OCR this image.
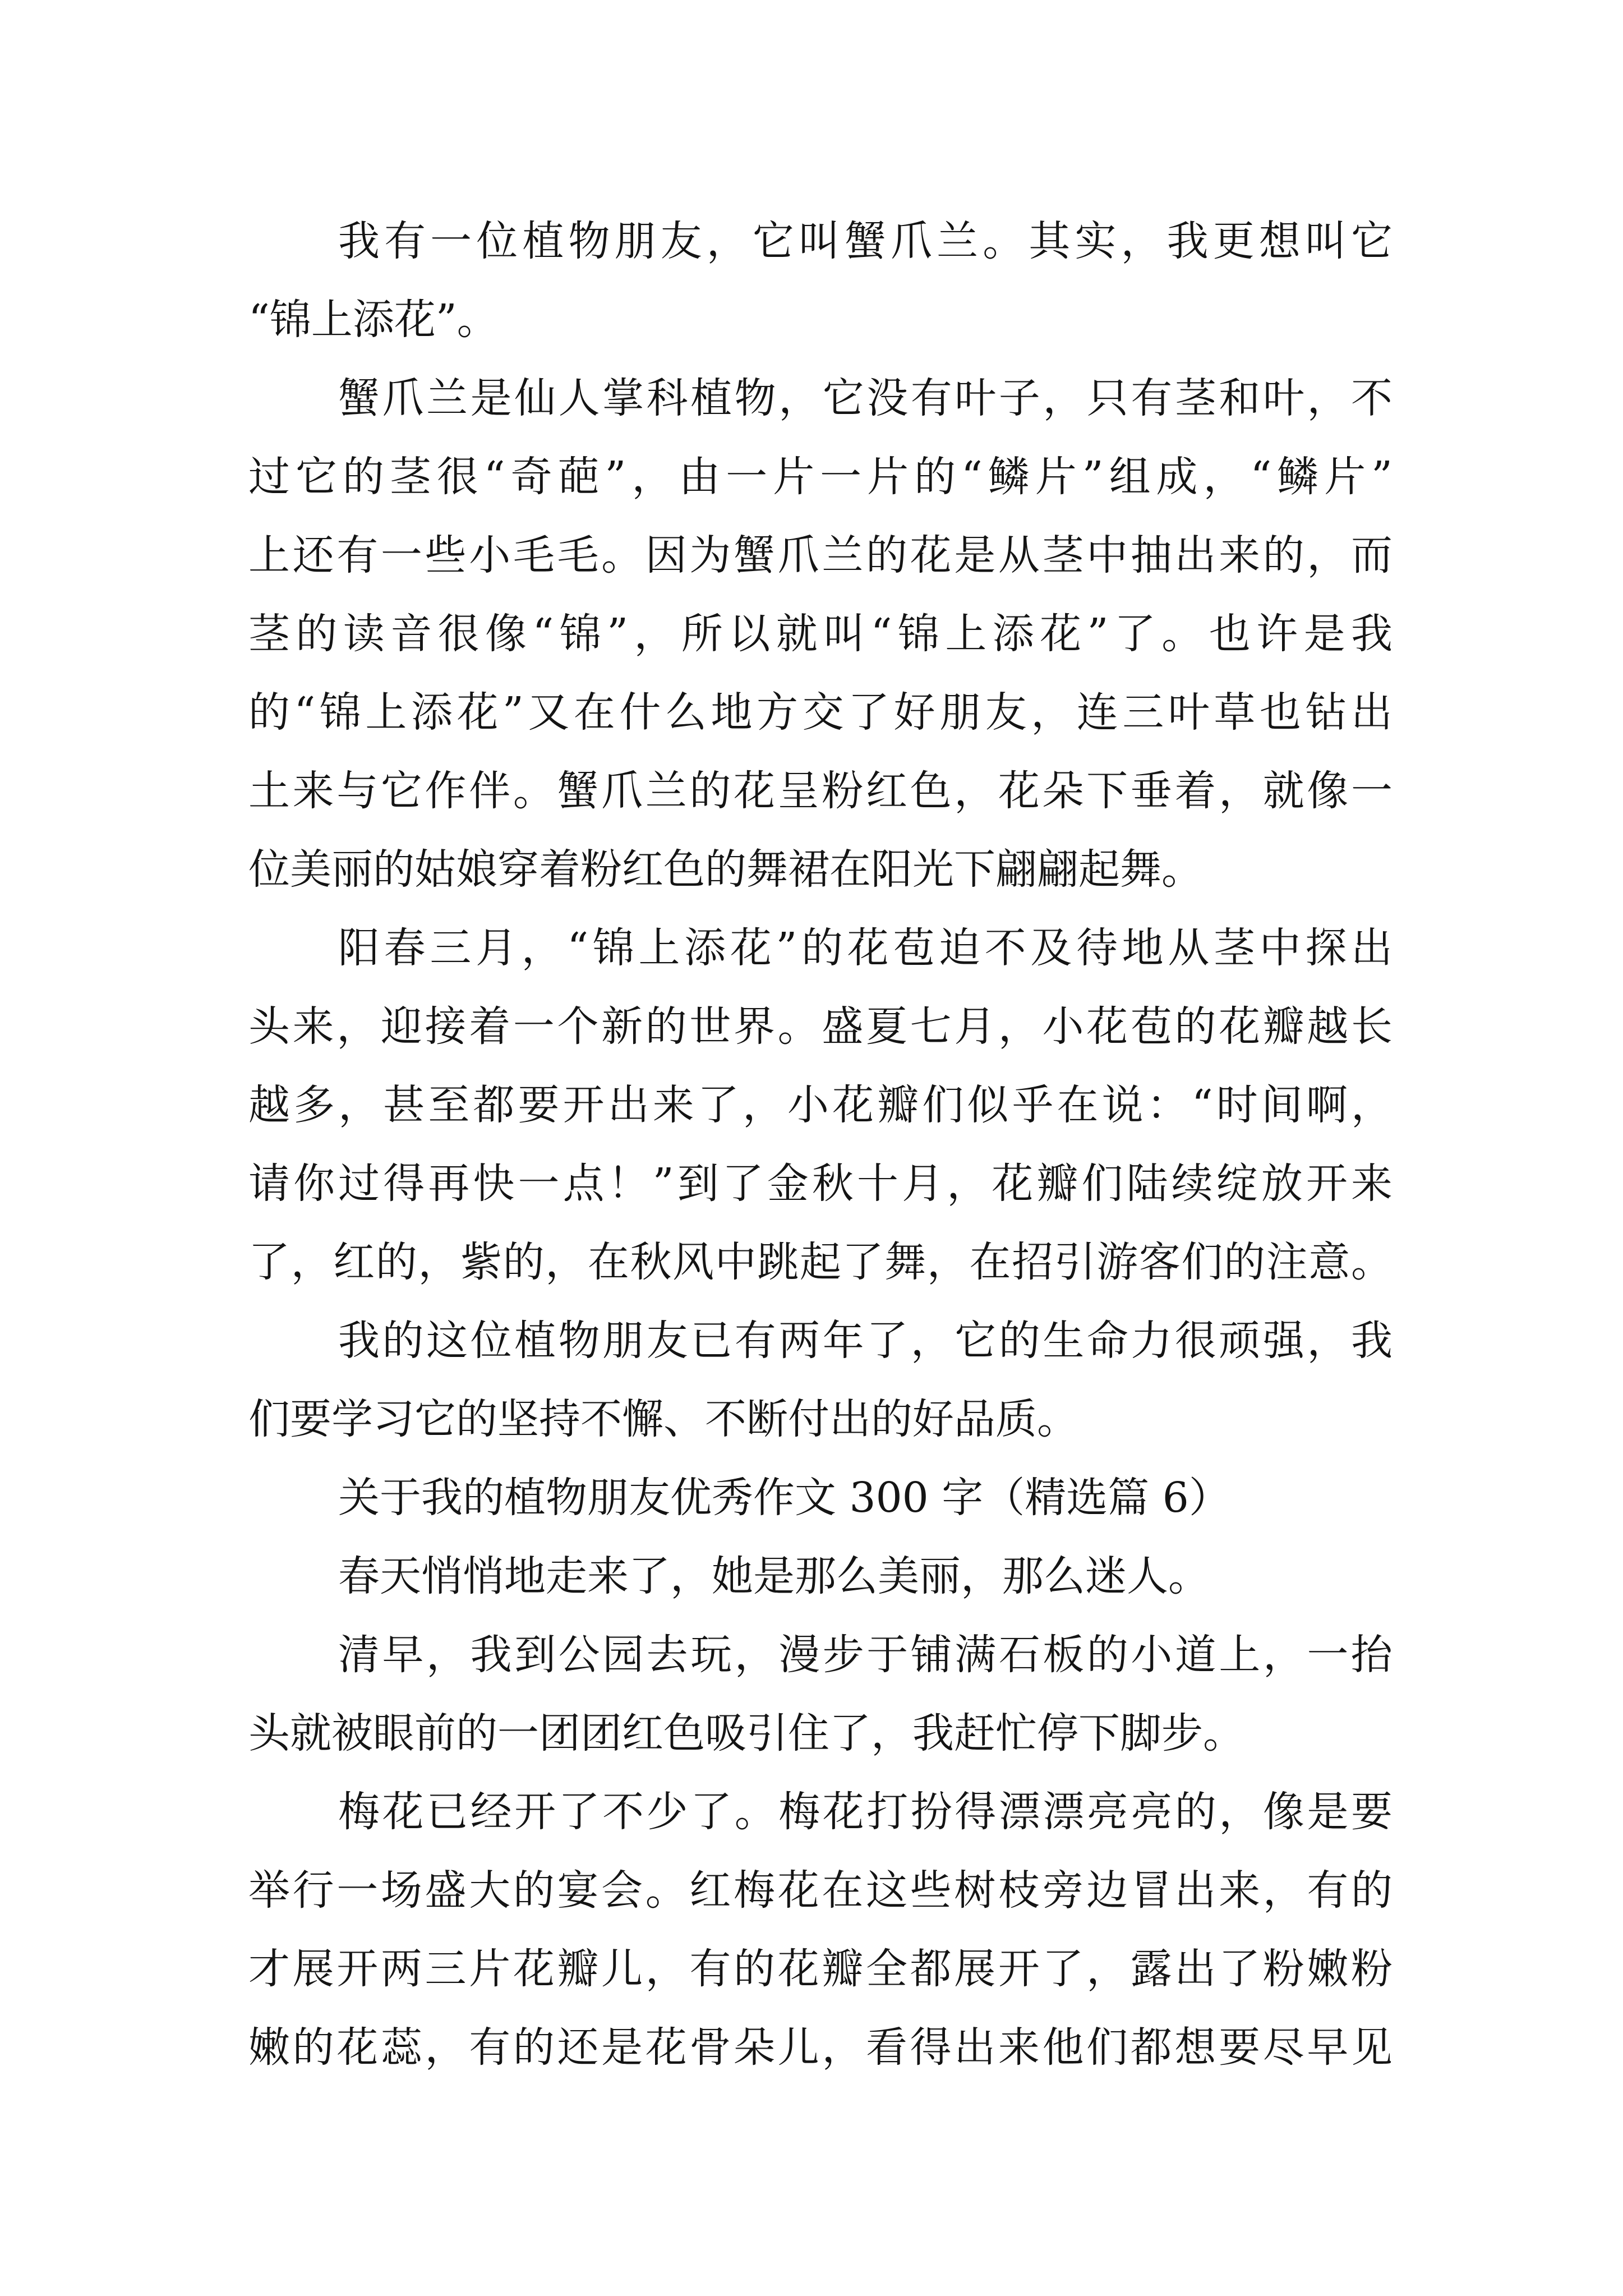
我有一位植物朋友，它叫蟹爪兰。其实，我更想叫它
“锦上添花”。
蟹爪兰是仙人掌科植物，它没有叶子，只有茎和叶，不
过它的茎很“奇葩”，由一片一片的“鳞片”组成，“鳞片”
上还有一些小毛毛。因为蟹爪兰的花是从茎中抽出来的，而
茎的读音很像“锦”，所以就叫“锦上添花”了。也许是我
的“锦上添花”又在什么地方交了好朋友，连三叶草也钻出
土来与它作伴。蟹爪兰的花呈粉红色，花朵下垂着，就像一
位美丽的姑娘穿着粉红色的舞裙在阳光下翩翩起舞。
阳春三月，“锦上添花”的花苞迫不及待地从茎中探出
头来，迎接着一个新的世界。盛夏七月，小花苞的花瓣越长
越多，甚至都要开出来了，小花瓣们似乎在说：“时间啊，
请你过得再快一点！”到了金秋十月，花瓣们陆续绽放开来
了，红的，紫的，在秋风中跳起了舞，在招引游客们的注意。
我的这位植物朋友已有两年了，它的生命力很顽强，我
们要学习它的坚持不懈、不断付出的好品质。
关于我的植物朋友优秀作文 300 字（精选篇 6）
春天悄悄地走来了，她是那么美丽，那么迷人。
清早，我到公园去玩，漫步于铺满石板的小道上，一抬
头就被眼前的一团团红色吸引住了，我赶忙停下脚步。
梅花已经开了不少了。梅花打扮得漂漂亮亮的，像是要
举行一场盛大的宴会。红梅花在这些树枝旁边冒出来，有的
才展开两三片花瓣儿，有的花瓣全都展开了，露出了粉嫩粉
嫩的花蕊，有的还是花骨朵儿，看得出来他们都想要尽早见
